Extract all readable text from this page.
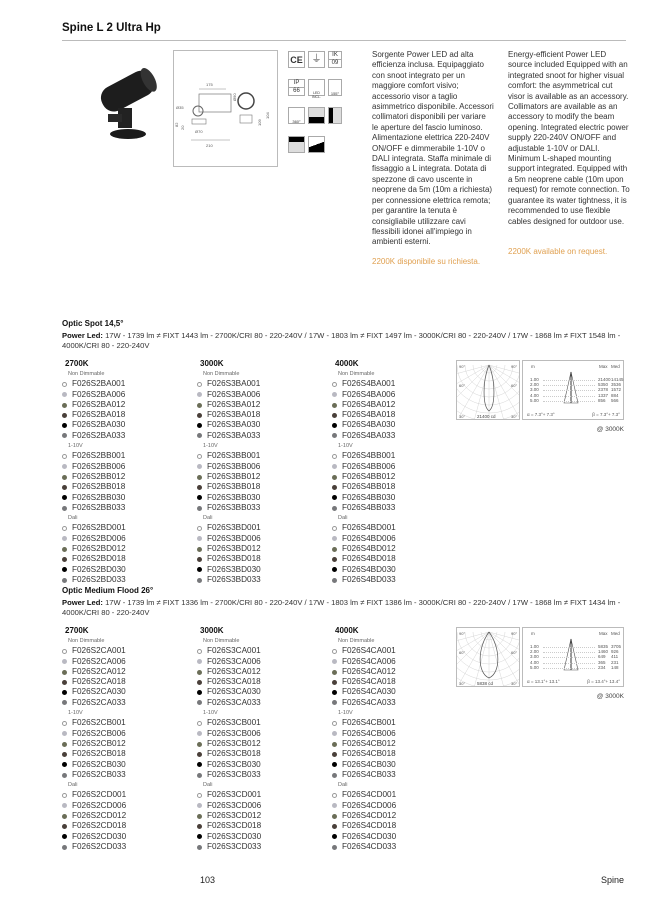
Spine L 2 Ultra Hp
175
Ø35
82
20
Ø70
210
Ø90
109
104
CE ⏚	IK
09
IP
66	LED INCL.
155°
360°

Sorgente Power LED ad alta efficienza inclusa. Equipaggiato con snoot integrato per un maggiore comfort visivo; accessorio visor a taglio asimmetrico disponibile. Accessori collimatori disponibili per variare le aperture del fascio luminoso. Alimentazione elettrica 220-240V ON/OFF e dimmerabile 1-10V o DALI integrata. Staffa minimale di fissaggio a L integrata. Dotata di spezzone di cavo uscente in neoprene da 5m (10m a richiesta) per connessione elettrica remota; per garantire la tenuta è consigliabile utilizzare cavi flessibili idonei all'impiego in ambienti esterni.

2200K disponibile su richiesta.

Energy-efficient Power LED source included Equipped with an integrated snoot for higher visual comfort: the asymmetrical cut visor is available as an accessory. Collimators are available as an accessory to modify the beam opening. Integrated electric power supply 220-240V ON/OFF and adjustable 1-10V or DALI. Minimum L-shaped mounting support integrated. Equipped with a 5m neoprene cable (10m upon request) for remote connection. To guarantee its water tightness, it is recommended to use flexible cables designed for outdoor use.

2200K available on request.

Optic Spot 14,5°
Power Led: 17W - 1739 lm ≠ FIXT 1443 lm - 2700K/CRI 80 - 220-240V / 17W - 1803 lm ≠ FIXT 1497 lm - 3000K/CRI 80 - 220-240V / 17W - 1868 lm ≠ FIXT 1548 lm - 4000K/CRI 80 - 220-240V
2700K
Non Dimmable
F026S2BA001
F026S2BA006
F026S2BA012
F026S2BA018
F026S2BA030
F026S2BA033
1-10V
F026S2BB001
F026S2BB006
F026S2BB012
F026S2BB018
F026S2BB030
F026S2BB033
Dali
F026S2BD001
F026S2BD006
F026S2BD012
F026S2BD018
F026S2BD030
F026S2BD033
3000K
Non Dimmable
F026S3BA001
F026S3BA006
F026S3BA012
F026S3BA018
F026S3BA030
F026S3BA033
1-10V
F026S3BB001
F026S3BB006
F026S3BB012
F026S3BB018
F026S3BB030
F026S3BB033
Dali
F026S3BD001
F026S3BD006
F026S3BD012
F026S3BD018
F026S3BD030
F026S3BD033
4000K
Non Dimmable
F026S4BA001
F026S4BA006
F026S4BA012
F026S4BA018
F026S4BA030
F026S4BA033
1-10V
F026S4BB001
F026S4BB006
F026S4BB012
F026S4BB018
F026S4BB030
F026S4BB033
Dali
F026S4BD001
F026S4BD006
F026S4BD012
F026S4BD018
F026S4BD030
F026S4BD033
90°	90°
60°	60°
30°	30°
21400 cd
m	Max Med
1.00	21400 14145
2.00	5350 3536
3.00	2378 1572
4.00	1337 884
5.00	856 566
α = 7.3°+ 7.3°	β = 7.3°+ 7.3°
@ 3000K
Optic Medium Flood 26°
Power Led: 17W - 1739 lm ≠ FIXT 1336 lm - 2700K/CRI 80 - 220-240V / 17W - 1803 lm ≠ FIXT 1386 lm - 3000K/CRI 80 - 220-240V / 17W - 1868 lm ≠ FIXT 1434 lm - 4000K/CRI 80 - 220-240V
2700K
Non Dimmable
F026S2CA001
F026S2CA006
F026S2CA012
F026S2CA018
F026S2CA030
F026S2CA033
1-10V
F026S2CB001
F026S2CB006
F026S2CB012
F026S2CB018
F026S2CB030
F026S2CB033
Dali
F026S2CD001
F026S2CD006
F026S2CD012
F026S2CD018
F026S2CD030
F026S2CD033
3000K
Non Dimmable
F026S3CA001
F026S3CA006
F026S3CA012
F026S3CA018
F026S3CA030
F026S3CA033
1-10V
F026S3CB001
F026S3CB006
F026S3CB012
F026S3CB018
F026S3CB030
F026S3CB033
Dali
F026S3CD001
F026S3CD006
F026S3CD012
F026S3CD018
F026S3CD030
F026S3CD033
4000K
Non Dimmable
F026S4CA001
F026S4CA006
F026S4CA012
F026S4CA018
F026S4CA030
F026S4CA033
1-10V
F026S4CB001
F026S4CB006
F026S4CB012
F026S4CB018
F026S4CB030
F026S4CB033
Dali
F026S4CD001
F026S4CD006
F026S4CD012
F026S4CD018
F026S4CD030
F026S4CD033
90°	90°
60°	60°
30°	30°
5838 cd
m	Max Med
1.00	5835 3705
2.00	1460 926
3.00	649 411
4.00	365 231
5.00	234 148
α = 13.1°+ 13.1°	β = 13.4°+ 13.4°
@ 3000K
103	Spine
